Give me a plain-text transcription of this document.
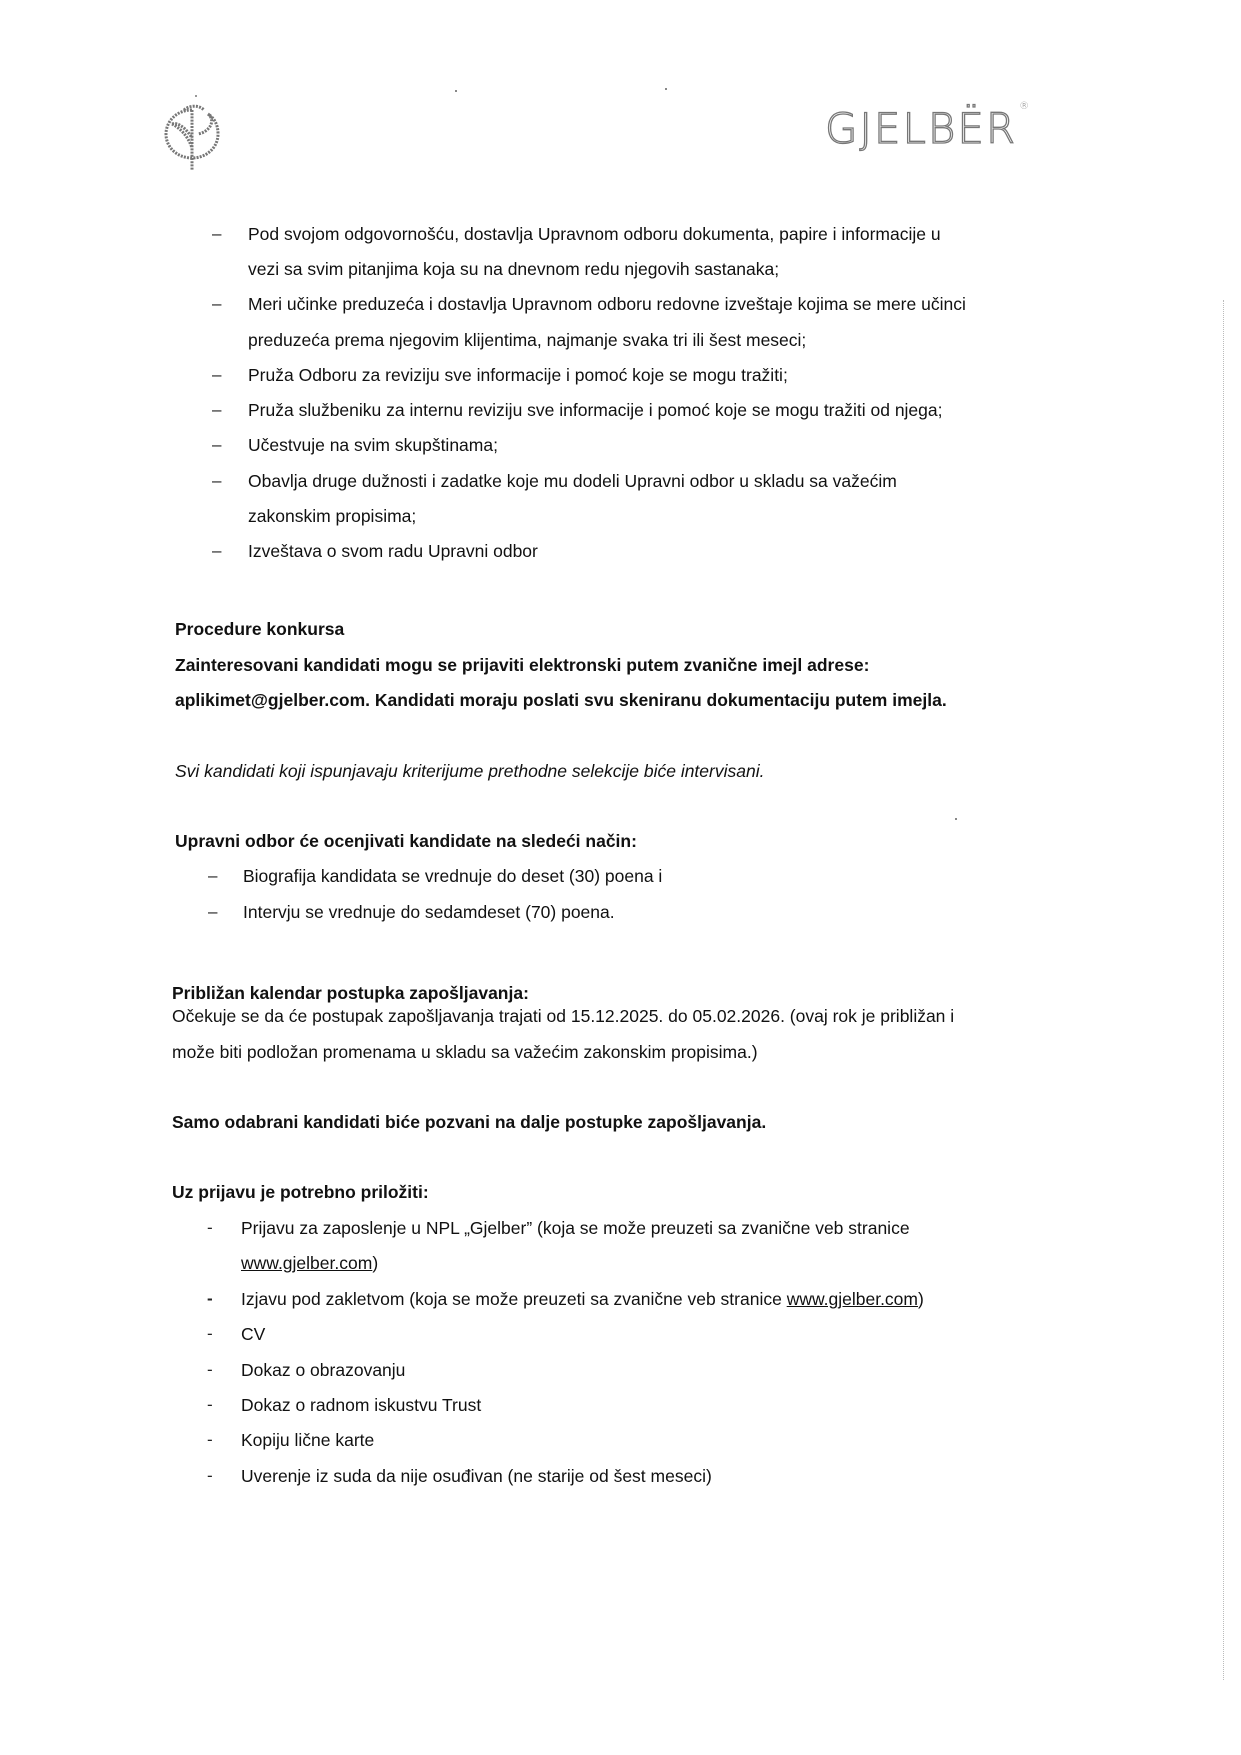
GJELBËR ®
– Pod svojom odgovornošću, dostavlja Upravnom odboru dokumenta, papire i informacije u
vezi sa svim pitanjima koja su na dnevnom redu njegovih sastanaka;
– Meri učinke preduzeća i dostavlja Upravnom odboru redovne izveštaje kojima se mere učinci
preduzeća prema njegovim klijentima, najmanje svaka tri ili šest meseci;
– Pruža Odboru za reviziju sve informacije i pomoć koje se mogu tražiti;
– Pruža službeniku za internu reviziju sve informacije i pomoć koje se mogu tražiti od njega;
– Učestvuje na svim skupštinama;
– Obavlja druge dužnosti i zadatke koje mu dodeli Upravni odbor u skladu sa važećim
zakonskim propisima;
– Izveštava o svom radu Upravni odbor
Procedure konkursa
Zainteresovani kandidati mogu se prijaviti elektronski putem zvanične imejl adrese:
aplikimet@gjelber.com. Kandidati moraju poslati svu skeniranu dokumentaciju putem imejla.
Svi kandidati koji ispunjavaju kriterijume prethodne selekcije biće intervisani.
Upravni odbor će ocenjivati kandidate na sledeći način:
– Biografija kandidata se vrednuje do deset (30) poena i
– Intervju se vrednuje do sedamdeset (70) poena.
Približan kalendar postupka zapošljavanja:
Očekuje se da će postupak zapošljavanja trajati od 15.12.2025. do 05.02.2026. (ovaj rok je približan i
može biti podložan promenama u skladu sa važećim zakonskim propisima.)
Samo odabrani kandidati biće pozvani na dalje postupke zapošljavanja.
Uz prijavu je potrebno priložiti:
- Prijavu za zaposlenje u NPL „Gjelber” (koja se može preuzeti sa zvanične veb stranice
www.gjelber.com)
- Izjavu pod zakletvom (koja se može preuzeti sa zvanične veb stranice www.gjelber.com)
- CV
- Dokaz o obrazovanju
- Dokaz o radnom iskustvu Trust
- Kopiju lične karte
- Uverenje iz suda da nije osuđivan (ne starije od šest meseci)
